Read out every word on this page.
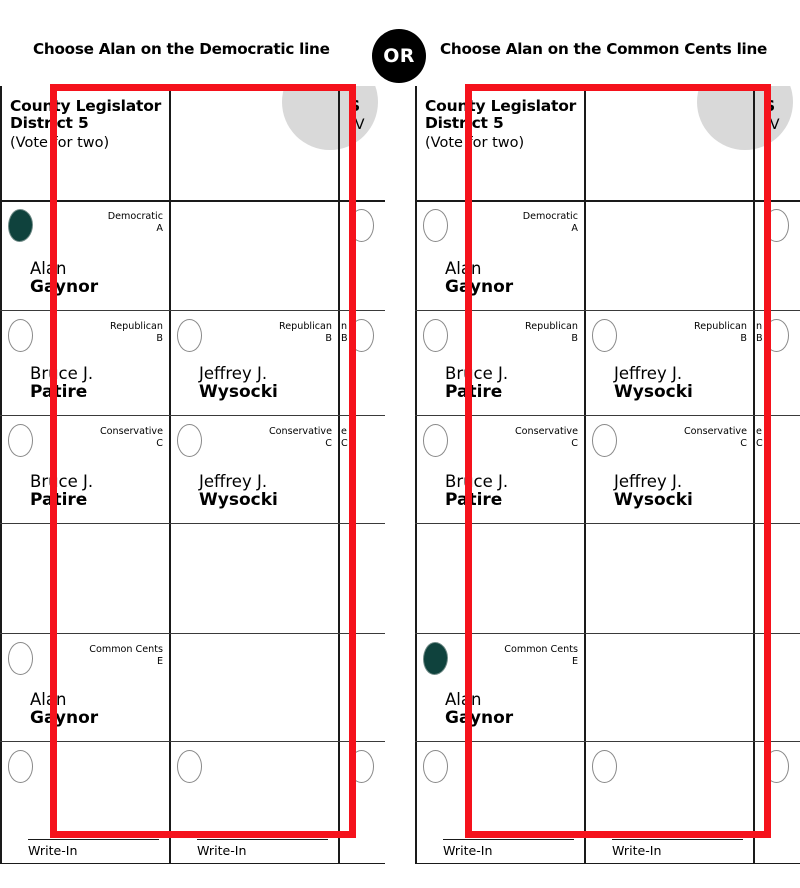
Choose Alan on the Democratic line	OR	Choose Alan on the Common Cents line
County Legislator
District 5
(Vote for two)
S
(V
n
B
e
C
Democratic
A
Alan
Gaynor
Republican
B
Bruce J.
Patire
Republican
B
Jeffrey J.
Wysocki
Conservative
C
Bruce J.
Patire
Conservative
C
Jeffrey J.
Wysocki
Common Cents
E
Alan
Gaynor
Write-In	Write-In
County Legislator
District 5
(Vote for two)
S
(V
n
B
e
C
Democratic
A
Alan
Gaynor
Republican
B
Bruce J.
Patire
Republican
B
Jeffrey J.
Wysocki
Conservative
C
Bruce J.
Patire
Conservative
C
Jeffrey J.
Wysocki
Common Cents
E
Alan
Gaynor
Write-In	Write-In
